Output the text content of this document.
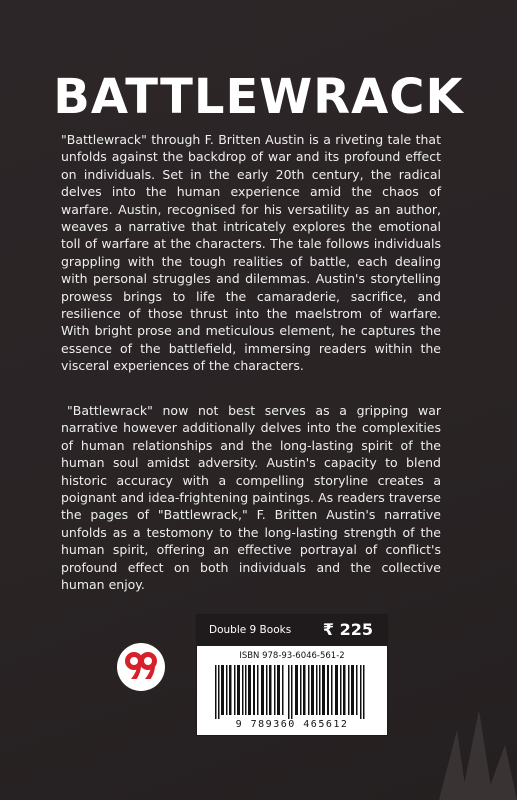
BATTLEWRACK

"Battlewrack" through F. Britten Austin is a riveting tale that unfolds against the backdrop of war and its profound effect on individuals. Set in the early 20th century, the radical delves into the human experience amid the chaos of warfare. Austin, recognised for his versatility as an author, weaves a narrative that intricately explores the emotional toll of warfare at the characters. The tale follows individuals grappling with the tough realities of battle, each dealing with personal struggles and dilemmas. Austin's storytelling prowess brings to life the camaraderie, sacrifice, and resilience of those thrust into the maelstrom of warfare. With bright prose and meticulous element, he captures the essence of the battlefield, immersing readers within the visceral experiences of the characters.

"Battlewrack" now not best serves as a gripping war narrative however additionally delves into the complexities of human relationships and the long-lasting spirit of the human soul amidst adversity. Austin's capacity to blend historic accuracy with a compelling storyline creates a poignant and idea-frightening paintings. As readers traverse the pages of "Battlewrack," F. Britten Austin's narrative unfolds as a testomony to the long-lasting strength of the human spirit, offering an effective portrayal of conflict's profound effect on both individuals and the collective human enjoy.

Double 9 Books ₹ 225
ISBN 978-93-6046-561-2
9 789360 465612
